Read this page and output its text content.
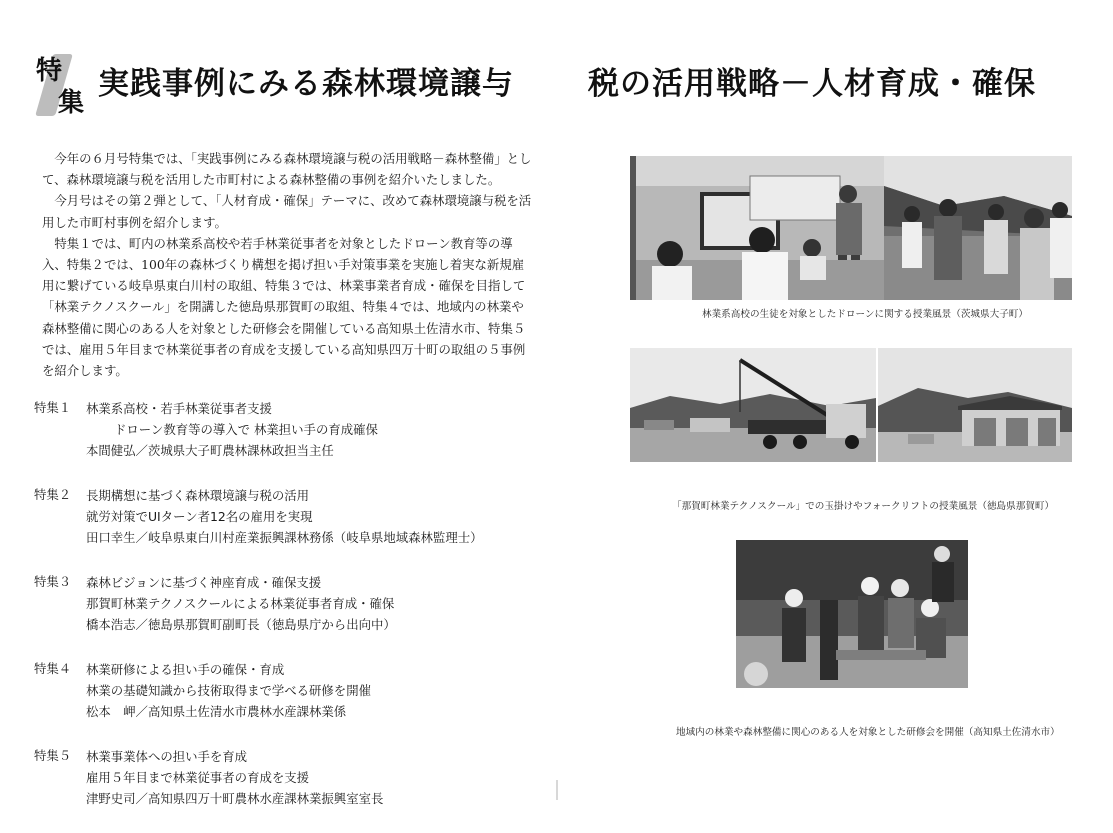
特
集
実践事例にみる森林環境譲与 税の活用戦略－人材育成・確保

今年の６月号特集では、「実践事例にみる森林環境譲与税の活用戦略－森林整備」として、森林環境譲与税を活用した市町村による森林整備の事例を紹介いたしました。

今月号はその第２弾として、「人材育成・確保」テーマに、改めて森林環境譲与税を活用した市町村事例を紹介します。

特集１では、町内の林業系高校や若手林業従事者を対象としたドローン教育等の導入、特集２では、100年の森林づくり構想を掲げ担い手対策事業を実施し着実な新規雇用に繋げている岐阜県東白川村の取組、特集３では、林業事業者育成・確保を目指して「林業テクノスクール」を開講した徳島県那賀町の取組、特集４では、地域内の林業や森林整備に関心のある人を対象とした研修会を開催している高知県土佐清水市、特集５では、雇用５年目まで林業従事者の育成を支援している高知県四万十町の取組の５事例を紹介します。

特集１	林業系高校・若手林業従事者支援
ドローン教育等の導入で 林業担い手の育成確保
本間健弘／茨城県大子町農林課林政担当主任
特集２	長期構想に基づく森林環境譲与税の活用
就労対策でUIターン者12名の雇用を実現
田口幸生／岐阜県東白川村産業振興課林務係（岐阜県地域森林監理士）
特集３	森林ビジョンに基づく神座育成・確保支援
那賀町林業テクノスクールによる林業従事者育成・確保
橋本浩志／徳島県那賀町副町長（徳島県庁から出向中）
特集４	林業研修による担い手の確保・育成
林業の基礎知識から技術取得まで学べる研修を開催
松本　岬／高知県土佐清水市農林水産課林業係
特集５	林業事業体への担い手を育成
雇用５年目まで林業従事者の育成を支援
津野史司／高知県四万十町農林水産課林業振興室室長
林業系高校の生徒を対象としたドローンに関する授業風景（茨城県大子町）
「那賀町林業テクノスクール」での玉掛けやフォークリフトの授業風景（徳島県那賀町）
地域内の林業や森林整備に関心のある人を対象とした研修会を開催（高知県土佐清水市）
